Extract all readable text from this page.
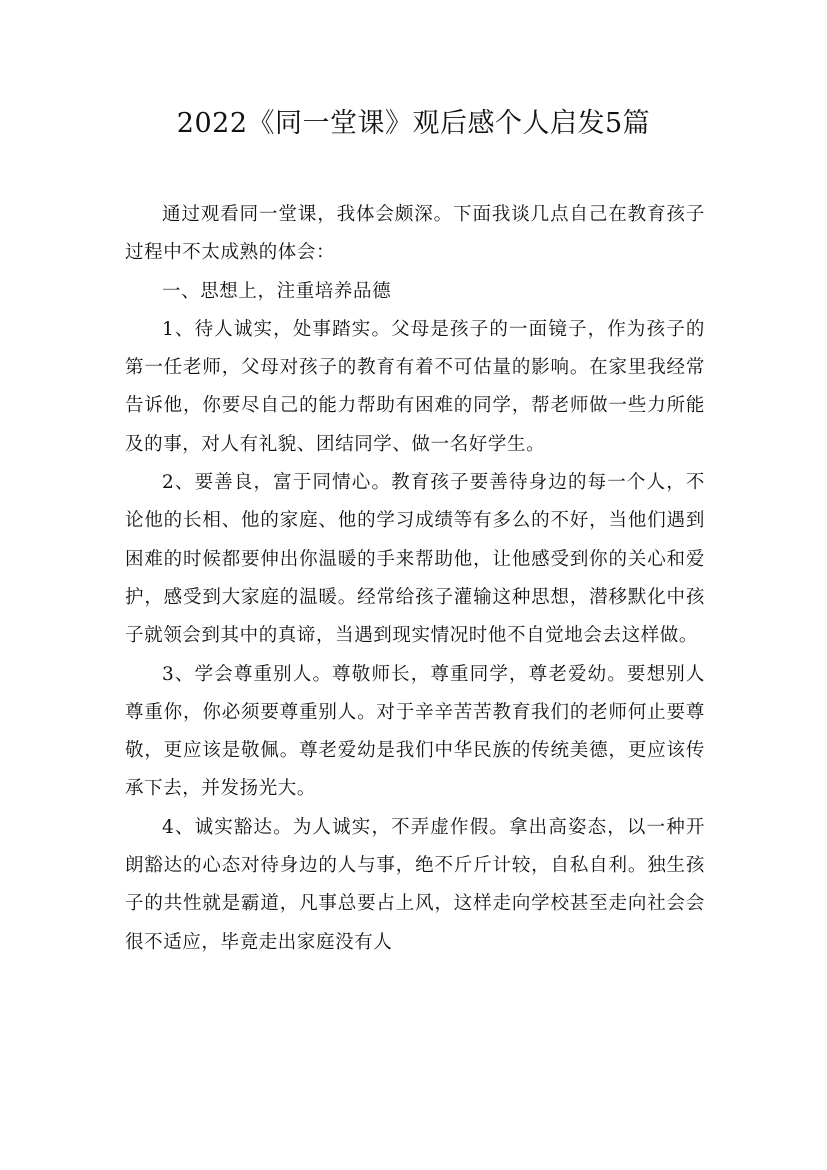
2022《同一堂课》观后感个人启发5篇

通过观看同一堂课，我体会颇深。下面我谈几点自己在教育孩子过程中不太成熟的体会：

一、思想上，注重培养品德

1、待人诚实，处事踏实。父母是孩子的一面镜子，作为孩子的第一任老师，父母对孩子的教育有着不可估量的影响。在家里我经常告诉他，你要尽自己的能力帮助有困难的同学，帮老师做一些力所能及的事，对人有礼貌、团结同学、做一名好学生。

2、要善良，富于同情心。教育孩子要善待身边的每一个人，不论他的长相、他的家庭、他的学习成绩等有多么的不好，当他们遇到困难的时候都要伸出你温暖的手来帮助他，让他感受到你的关心和爱护，感受到大家庭的温暖。经常给孩子灌输这种思想，潜移默化中孩子就领会到其中的真谛，当遇到现实情况时他不自觉地会去这样做。

3、学会尊重别人。尊敬师长，尊重同学，尊老爱幼。要想别人尊重你，你必须要尊重别人。对于辛辛苦苦教育我们的老师何止要尊敬，更应该是敬佩。尊老爱幼是我们中华民族的传统美德，更应该传承下去，并发扬光大。

4、诚实豁达。为人诚实，不弄虚作假。拿出高姿态，以一种开朗豁达的心态对待身边的人与事，绝不斤斤计较，自私自利。独生孩子的共性就是霸道，凡事总要占上风，这样走向学校甚至走向社会会很不适应，毕竟走出家庭没有人
